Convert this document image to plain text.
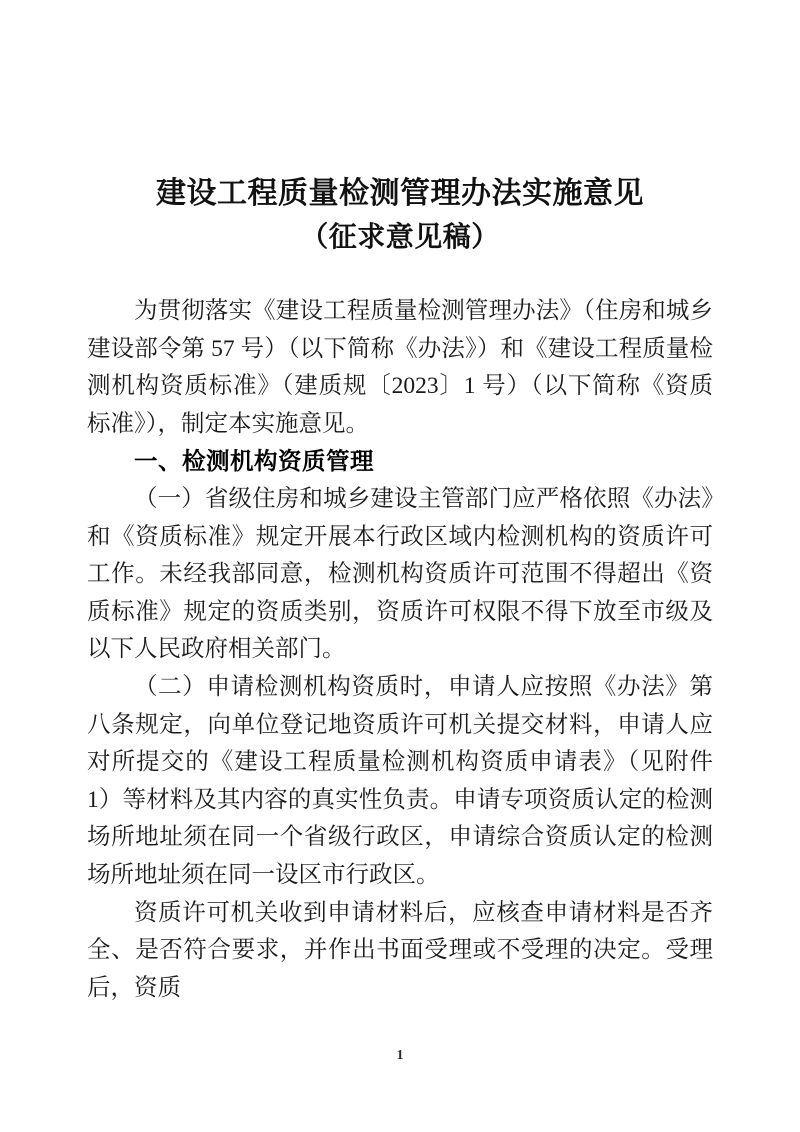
建设工程质量检测管理办法实施意见
（征求意见稿）

为贯彻落实《建设工程质量检测管理办法》（住房和城乡建设部令第 57 号）（以下简称《办法》）和《建设工程质量检测机构资质标准》（建质规〔2023〕1 号）（以下简称《资质标准》），制定本实施意见。

一、检测机构资质管理

（一）省级住房和城乡建设主管部门应严格依照《办法》和《资质标准》规定开展本行政区域内检测机构的资质许可工作。未经我部同意，检测机构资质许可范围不得超出《资质标准》规定的资质类别，资质许可权限不得下放至市级及以下人民政府相关部门。

（二）申请检测机构资质时，申请人应按照《办法》第八条规定，向单位登记地资质许可机关提交材料，申请人应对所提交的《建设工程质量检测机构资质申请表》（见附件 1）等材料及其内容的真实性负责。申请专项资质认定的检测场所地址须在同一个省级行政区，申请综合资质认定的检测场所地址须在同一设区市行政区。

资质许可机关收到申请材料后，应核查申请材料是否齐全、是否符合要求，并作出书面受理或不受理的决定。受理后，资质

1
